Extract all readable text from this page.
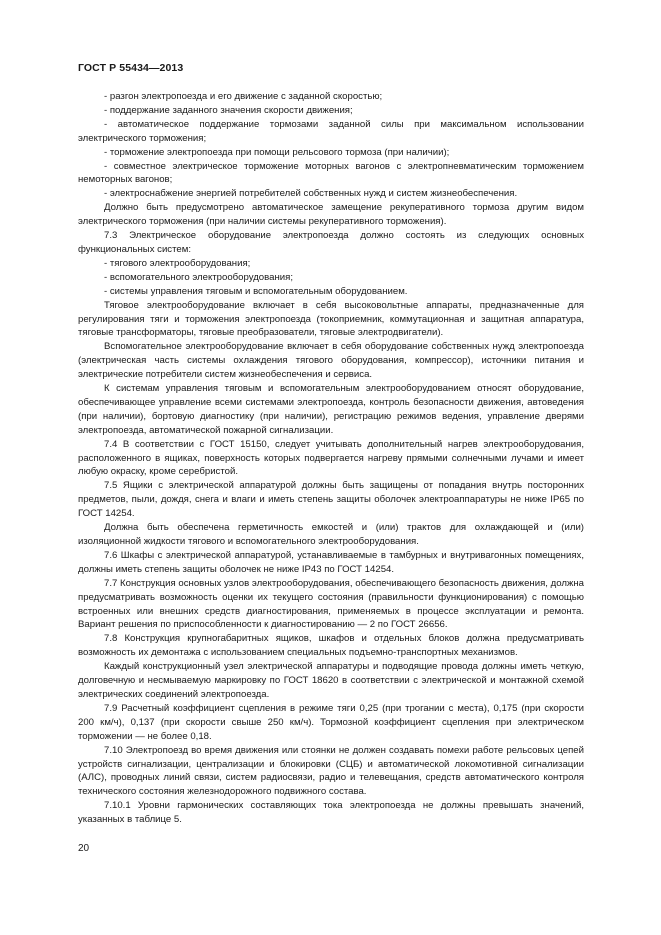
ГОСТ Р 55434—2013

- разгон электропоезда и его движение с заданной скоростью;

- поддержание заданного значения скорости движения;

- автоматическое поддержание тормозами заданной силы при максимальном использовании электрического торможения;

- торможение электропоезда при помощи рельсового тормоза (при наличии);

- совместное электрическое торможение моторных вагонов с электропневматическим торможением немоторных вагонов;

- электроснабжение энергией потребителей собственных нужд и систем жизнеобеспечения.

Должно быть предусмотрено автоматическое замещение рекуперативного тормоза другим видом электрического торможения (при наличии системы рекуперативного торможения).

7.3 Электрическое оборудование электропоезда должно состоять из следующих основных функциональных систем:

- тягового электрооборудования;

- вспомогательного электрооборудования;

- системы управления тяговым и вспомогательным оборудованием.

Тяговое электрооборудование включает в себя высоковольтные аппараты, предназначенные для регулирования тяги и торможения электропоезда (токоприемник, коммутационная и защитная аппаратура, тяговые трансформаторы, тяговые преобразователи, тяговые электродвигатели).

Вспомогательное электрооборудование включает в себя оборудование собственных нужд электропоезда (электрическая часть системы охлаждения тягового оборудования, компрессор), источники питания и электрические потребители систем жизнеобеспечения и сервиса.

К системам управления тяговым и вспомогательным электрооборудованием относят оборудование, обеспечивающее управление всеми системами электропоезда, контроль безопасности движения, автоведения (при наличии), бортовую диагностику (при наличии), регистрацию режимов ведения, управление дверями электропоезда, автоматической пожарной сигнализации.

7.4 В соответствии с ГОСТ 15150, следует учитывать дополнительный нагрев электрооборудования, расположенного в ящиках, поверхность которых подвергается нагреву прямыми солнечными лучами и имеет любую окраску, кроме серебристой.

7.5 Ящики с электрической аппаратурой должны быть защищены от попадания внутрь посторонних предметов, пыли, дождя, снега и влаги и иметь степень защиты оболочек электроаппаратуры не ниже IP65 по ГОСТ 14254.

Должна быть обеспечена герметичность емкостей и (или) трактов для охлаждающей и (или) изоляционной жидкости тягового и вспомогательного электрооборудования.

7.6 Шкафы с электрической аппаратурой, устанавливаемые в тамбурных и внутривагонных помещениях, должны иметь степень защиты оболочек не ниже IP43 по ГОСТ 14254.

7.7 Конструкция основных узлов электрооборудования, обеспечивающего безопасность движения, должна предусматривать возможность оценки их текущего состояния (правильности функционирования) с помощью встроенных или внешних средств диагностирования, применяемых в процессе эксплуатации и ремонта. Вариант решения по приспособленности к диагностированию — 2 по ГОСТ 26656.

7.8 Конструкция крупногабаритных ящиков, шкафов и отдельных блоков должна предусматривать возможность их демонтажа с использованием специальных подъемно-транспортных механизмов.

Каждый конструкционный узел электрической аппаратуры и подводящие провода должны иметь четкую, долговечную и несмываемую маркировку по ГОСТ 18620 в соответствии с электрической и монтажной схемой электрических соединений электропоезда.

7.9 Расчетный коэффициент сцепления в режиме тяги 0,25 (при трогании с места), 0,175 (при скорости 200 км/ч), 0,137 (при скорости свыше 250 км/ч). Тормозной коэффициент сцепления при электрическом торможении — не более 0,18.

7.10 Электропоезд во время движения или стоянки не должен создавать помехи работе рельсовых цепей устройств сигнализации, централизации и блокировки (СЦБ) и автоматической локомотивной сигнализации (АЛС), проводных линий связи, систем радиосвязи, радио и телевещания, средств автоматического контроля технического состояния железнодорожного подвижного состава.

7.10.1 Уровни гармонических составляющих тока электропоезда не должны превышать значений, указанных в таблице 5.

20
